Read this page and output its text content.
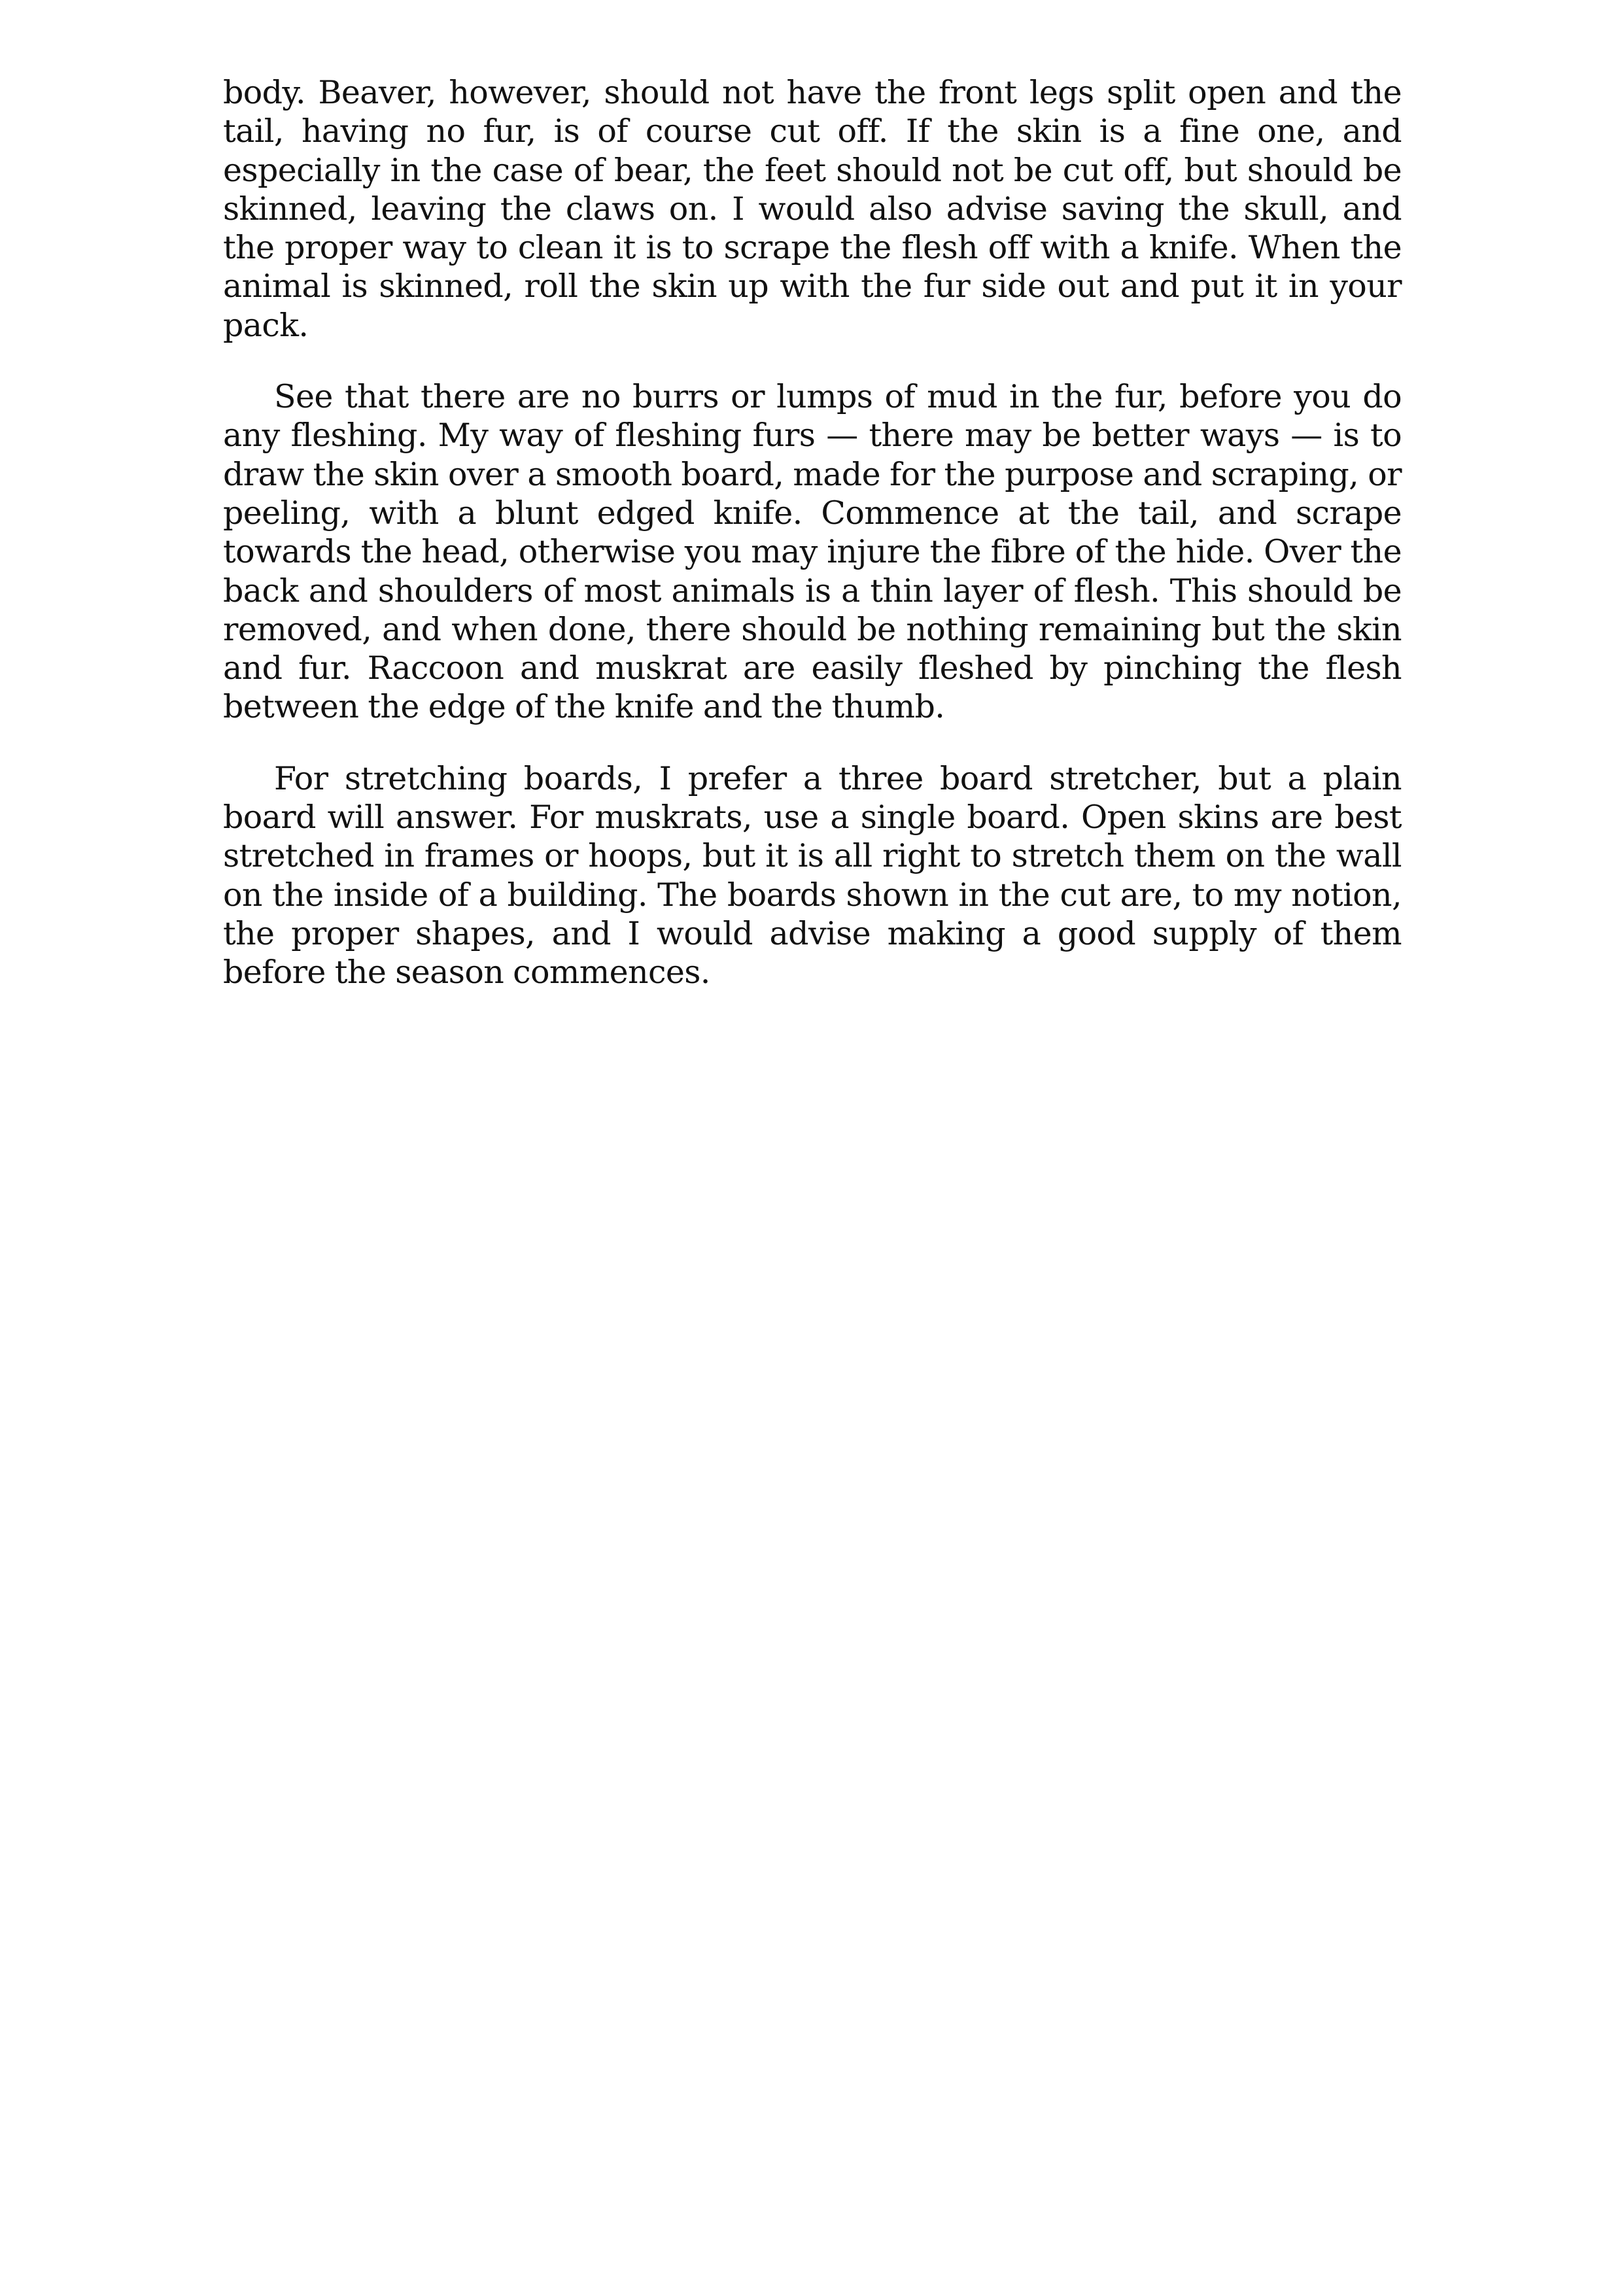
body. Beaver, however, should not have the front legs split open and the tail, having no fur, is of course cut off. If the skin is a fine one, and especially in the case of bear, the feet should not be cut off, but should be skinned, leaving the claws on. I would also advise saving the skull, and the proper way to clean it is to scrape the flesh off with a knife. When the animal is skinned, roll the skin up with the fur side out and put it in your pack.

See that there are no burrs or lumps of mud in the fur, before you do any fleshing. My way of fleshing furs — there may be better ways — is to draw the skin over a smooth board, made for the purpose and scraping, or peeling, with a blunt edged knife. Commence at the tail, and scrape towards the head, otherwise you may injure the fibre of the hide. Over the back and shoulders of most animals is a thin layer of flesh. This should be removed, and when done, there should be nothing remaining but the skin and fur. Raccoon and muskrat are easily fleshed by pinching the flesh between the edge of the knife and the thumb.

For stretching boards, I prefer a three board stretcher, but a plain board will answer. For muskrats, use a single board. Open skins are best stretched in frames or hoops, but it is all right to stretch them on the wall on the inside of a building. The boards shown in the cut are, to my notion, the proper shapes, and I would advise making a good supply of them before the season commences.
